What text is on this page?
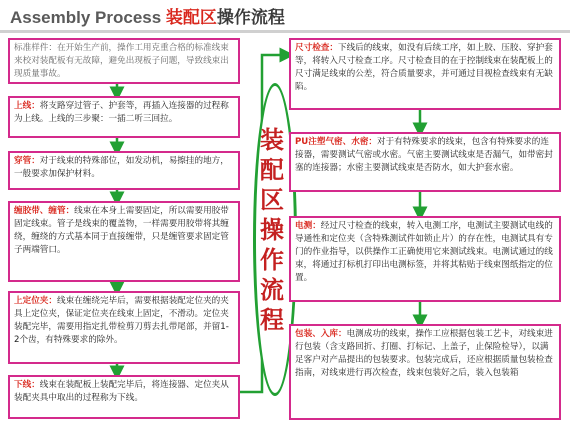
Assembly Process 装配区操作流程
标准样件：在开始生产前，操作工用克重合格的标准线束来校对装配板有无故障，避免出现板子问题，导致线束出现质量事故。
上线：将支路穿过管子、护套等，再插入连接器的过程称为上线。上线的三步聚：一插二听三回拉。
穿管：对于线束的特殊部位，如发动机，易擦挂的地方，一般要求加保护材料。
缠胶带、缠管：线束在本身上需要固定，所以需要用胶带固定线束。管子是线束的覆盖物，一样需要用胶带将其缠绕，缠绕的方式基本同于直接缠带，只是缠管要求固定管子两端管口。
上定位夹：线束在缠绕完毕后，需要根据装配定位夹的夹具上定位夹，保证定位夹在线束上固定，不滑动。定位夹装配完毕，需要用指定扎带检剪刀剪去扎带尾部，并留1-2个齿，有特殊要求的除外。
下线：线束在装配板上装配完毕后，将连接器、定位夹从装配夹具中取出的过程称为下线。
装配区操作流程
尺寸检查：下线后的线束，如没有后续工序，如上胶、压胶、穿护套等，将转入尺寸检查工序。尺寸检查目的在于控制线束在装配板上的尺寸满足线束的公差，符合质量要求，并可通过目视检查线束有无缺陷。
PU注塑气密、水密：对于有特殊要求的线束，包含有特殊要求的连接器，需要测试气密或水密。气密主要测试线束是否漏气，如带密封塞的连接器；水密主要测试线束是否防水，如大护套水密。
电测：经过尺寸检查的线束，转入电测工序，电测试主要测试电线的导通性和定位夹（含特殊测试件如锁止片）的存在性，电测试具有专门的作业指导，以供操作工正确使用它来测试线束。电测试通过的线束，将通过打标机打印出电测标签，并将其粘贴于线束图纸指定的位置。
包装、入库：电测成功的线束，操作工应根据包装工艺卡，对线束进行包装（含支路回折、打圈、打标记、上盖子，止保险检导），以满足客户对产品提出的包装要求。包装完成后，还应根据质量包装检查指南，对线束进行再次检查，线束包装好之后，装入包装箱
